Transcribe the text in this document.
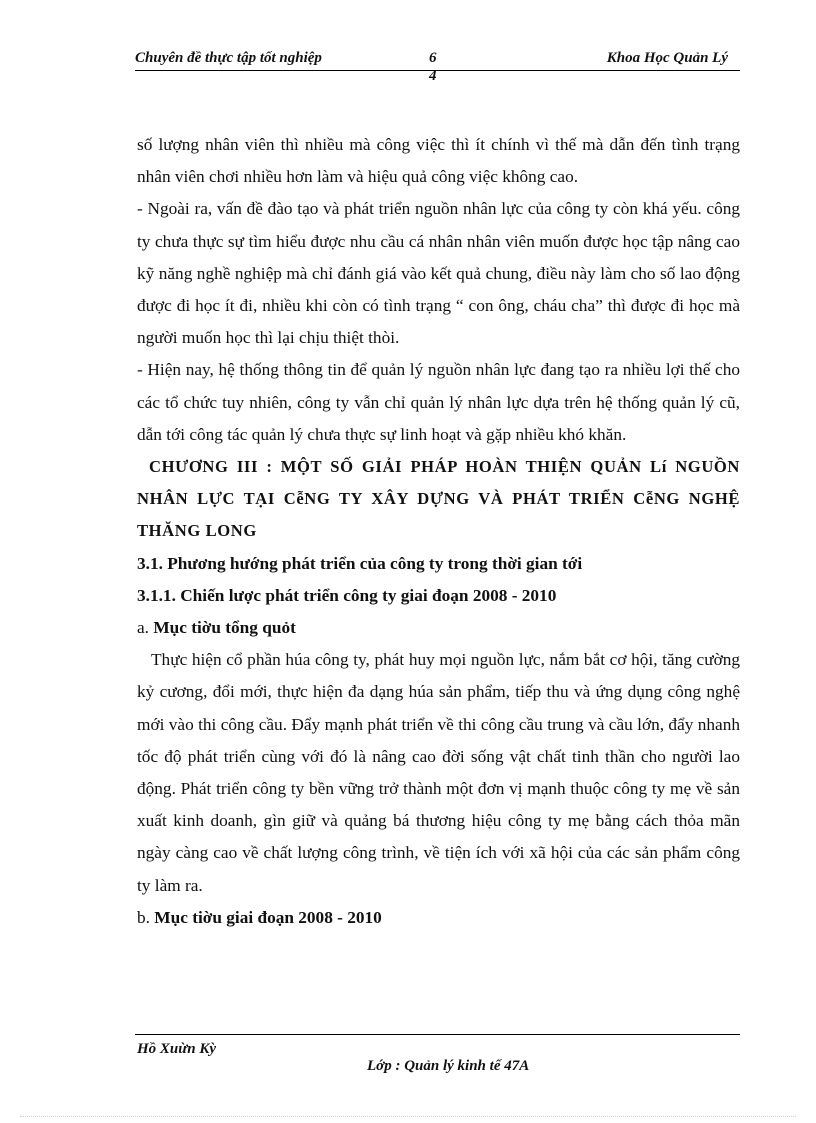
Chuyên đề thực tập tốt nghiệp	6	Khoa Học Quản Lý
4

số lượng nhân viên thì nhiều mà công việc thì ít chính vì thế mà dẫn đến tình trạng nhân viên chơi nhiều hơn làm và hiệu quả công việc không cao.

- Ngoài ra, vấn đề đào tạo và phát triển nguồn nhân lực của công ty còn khá yếu. công ty chưa thực sự tìm hiểu được nhu cầu cá nhân nhân viên muốn được học tập nâng cao kỹ năng nghề nghiệp mà chỉ đánh giá vào kết quả chung, điều này làm cho số lao động được đi học ít đi, nhiều khi còn có tình trạng “ con ông, cháu cha” thì được đi học mà người muốn học thì lại chịu thiệt thòi.

- Hiện nay, hệ thống thông tin để quản lý nguồn nhân lực đang tạo ra nhiều lợi thế cho các tổ chức tuy nhiên, công ty vẫn chỉ quản lý nhân lực dựa trên hệ thống quản lý cũ, dẫn tới công tác quản lý chưa thực sự linh hoạt và gặp nhiều khó khăn.

CHƯƠNG III : MỘT SỐ GIẢI PHÁP HOÀN THIỆN QUẢN Lí NGUỒN NHÂN LỰC TẠI CễNG TY XÂY DỰNG VÀ PHÁT TRIỂN CễNG NGHỆ THĂNG LONG

3.1. Phương hướng phát triển của công ty trong thời gian tới

3.1.1. Chiến lược phát triển công ty giai đoạn 2008 - 2010

a. Mục tiờu tổng quỏt

Thực hiện cổ phần húa công ty, phát huy mọi nguồn lực, nắm bắt cơ hội, tăng cường kỷ cương, đổi mới, thực hiện đa dạng húa sản phẩm, tiếp thu và ứng dụng công nghệ mới vào thi công cầu. Đẩy mạnh phát triển về thi công cầu trung và cầu lớn, đẩy nhanh tốc độ phát triển cùng với đó là nâng cao đời sống vật chất tinh thần cho người lao động. Phát triển công ty bền vững trở thành một đơn vị mạnh thuộc công ty mẹ về sản xuất kinh doanh, gìn giữ và quảng bá thương hiệu công ty mẹ bằng cách thỏa mãn ngày càng cao về chất lượng công trình, về tiện ích với xã hội của các sản phẩm công ty làm ra.

b. Mục tiờu giai đoạn 2008 - 2010

Hồ Xuừn Kỳ
Lớp : Quản lý kinh tế 47A
